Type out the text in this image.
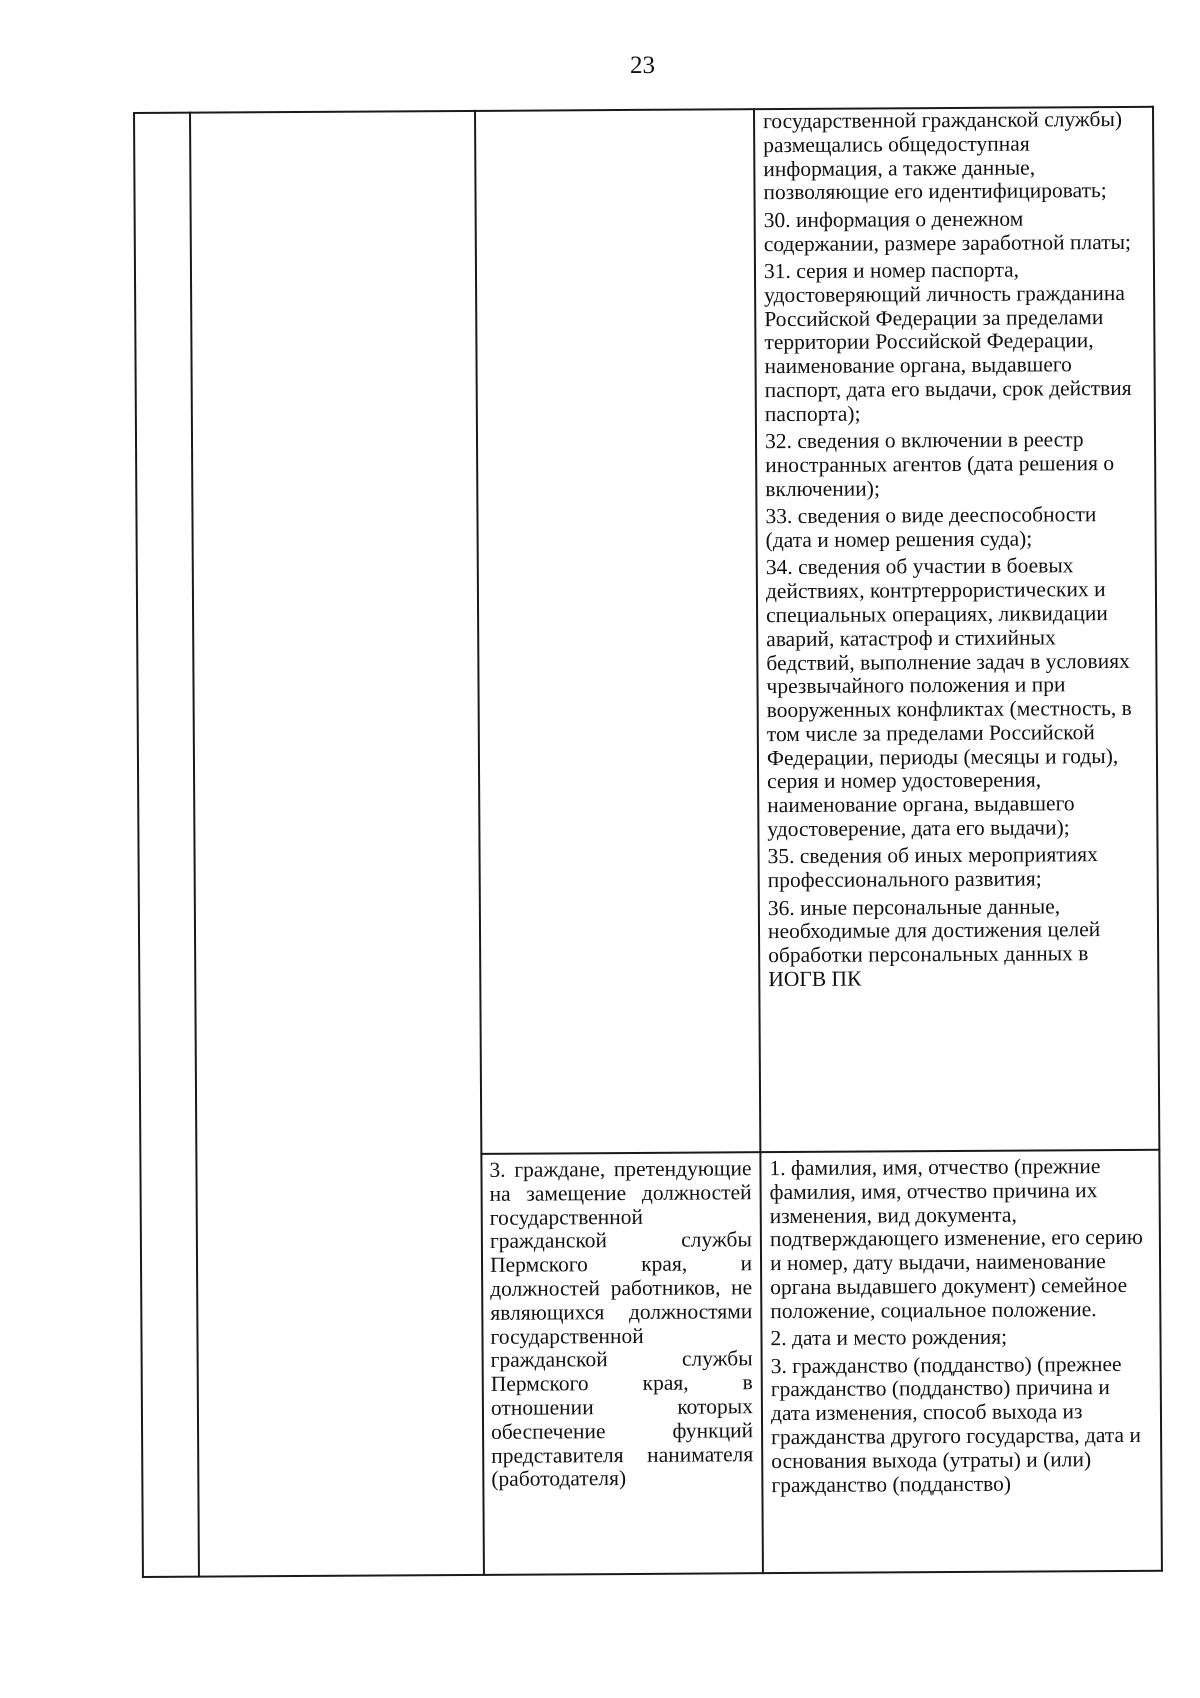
23

государственной гражданской службы) размещались общедоступная информация, а также данные, позволяющие его идентифицировать;

30. информация о денежном содержании, размере заработной платы;

31. серия и номер паспорта, удостоверяющий личность гражданина Российской Федерации за пределами территории Российской Федерации, наименование органа, выдавшего паспорт, дата его выдачи, срок действия паспорта);

32. сведения о включении в реестр иностранных агентов (дата решения о включении);

33. сведения о виде дееспособности (дата и номер решения суда);

34. сведения об участии в боевых действиях, контртеррористических и специальных операциях, ликвидации аварий, катастроф и стихийных бедствий, выполнение задач в условиях чрезвычайного положения и при вооруженных конфликтах (местность, в том числе за пределами Российской Федерации, периоды (месяцы и годы), серия и номер удостоверения, наименование органа, выдавшего удостоверение, дата его выдачи);

35. сведения об иных мероприятиях профессионального развития;

36. иные персональные данные, необходимые для достижения целей обработки персональных данных в ИОГВ ПК

3. граждане, претендующие на замещение должностей государственной гражданской службы Пермского края, и должностей работников, не являющихся должностями государственной гражданской службы Пермского края, в отношении которых обеспечение функций представителя нанимателя (работодателя)

1. фамилия, имя, отчество (прежние фамилия, имя, отчество причина их изменения, вид документа, подтверждающего изменение, его серию и номер, дату выдачи, наименование органа выдавшего документ) семейное положение, социальное положение.

2. дата и место рождения;

3. гражданство (подданство) (прежнее гражданство (подданство) причина и дата изменения, способ выхода из гражданства другого государства, дата и основания выхода (утраты) и (или) гражданство (подданство)
